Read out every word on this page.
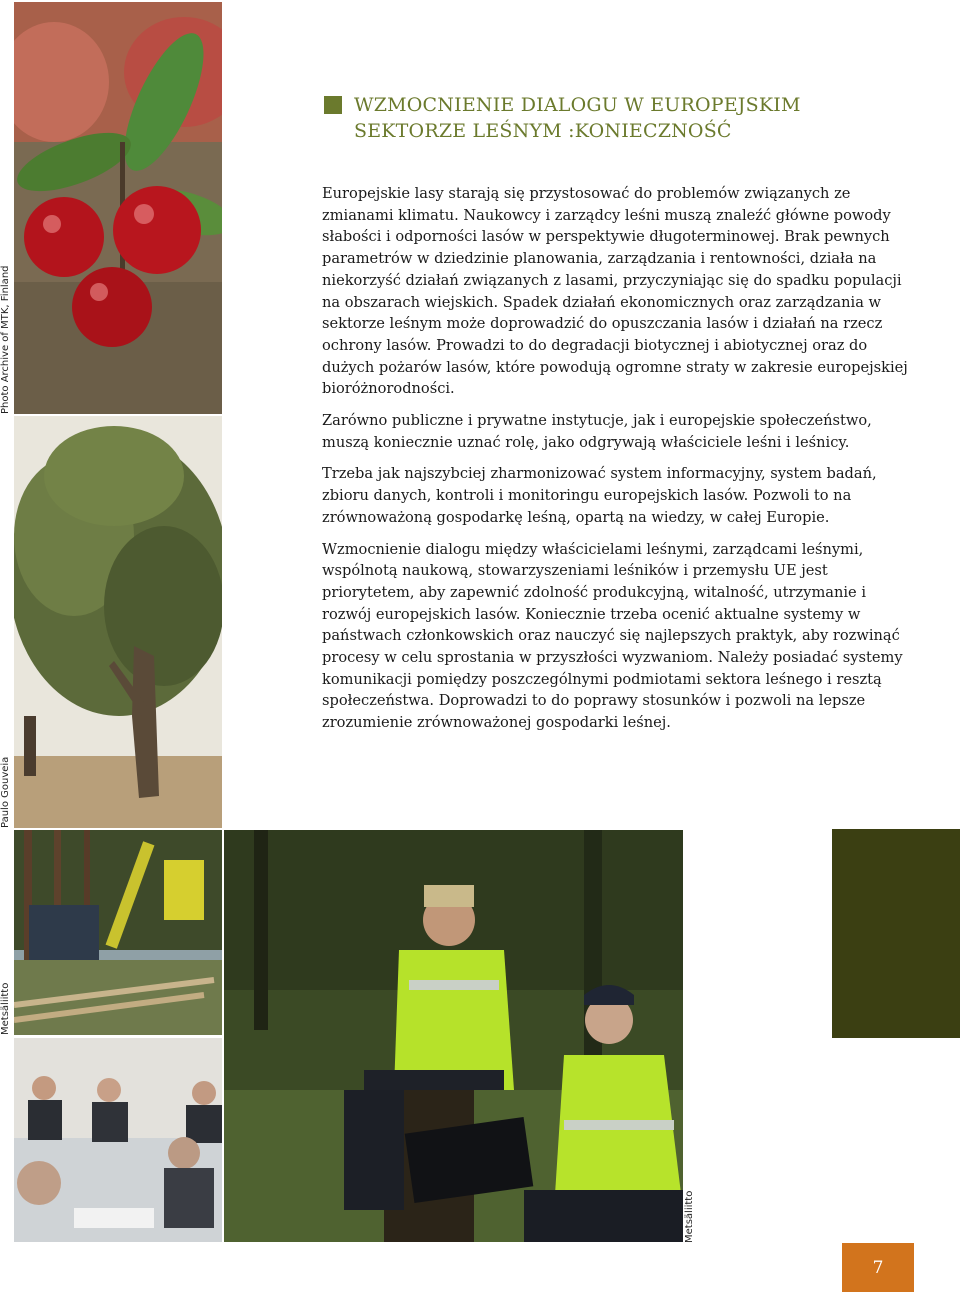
Photo Archive of MTK, Finland
Paulo Gouveia
Metsäliitto
Metsäliitto
WZMOCNIENIE DIALOGU W EUROPEJSKIM
SEKTORZE LEŚNYM :KONIECZNOŚĆ

Europejskie lasy starają się przystosować do problemów związanych ze zmianami klimatu. Naukowcy i zarządcy leśni muszą znaleźć główne powody słabości i odporności lasów w perspektywie długoterminowej. Brak pewnych parametrów w dziedzinie planowania, zarządzania i rentowności, działa na niekorzyść działań związanych z lasami, przyczyniając się do spadku populacji na obszarach wiejskich. Spadek działań ekonomicznych oraz zarządzania w sektorze leśnym może doprowadzić do opuszczania lasów i działań na rzecz ochrony lasów. Prowadzi to do degradacji biotycznej i abiotycznej oraz do dużych pożarów lasów, które powodują ogromne straty w zakresie europejskiej bioróżnorodności.

Zarówno publiczne i prywatne instytucje, jak i europejskie społeczeństwo, muszą koniecznie uznać rolę, jako odgrywają właściciele leśni i leśnicy.

Trzeba jak najszybciej zharmonizować system informacyjny, system badań, zbioru danych, kontroli i monitoringu europejskich lasów. Pozwoli to na zrównoważoną gospodarkę leśną, opartą na wiedzy, w całej Europie.

Wzmocnienie dialogu między właścicielami leśnymi, zarządcami leśnymi, wspólnotą naukową, stowarzyszeniami leśników i przemysłu UE jest priorytetem, aby zapewnić zdolność produkcyjną, witalność, utrzymanie i rozwój europejskich lasów. Koniecznie trzeba ocenić aktualne systemy w państwach członkowskich oraz nauczyć się najlepszych praktyk, aby rozwinąć procesy w celu sprostania w przyszłości wyzwaniom. Należy posiadać systemy komunikacji pomiędzy poszczególnymi podmiotami sektora leśnego i resztą społeczeństwa. Doprowadzi to do poprawy stosunków i pozwoli na lepsze zrozumienie zrównoważonej gospodarki leśnej.

7
